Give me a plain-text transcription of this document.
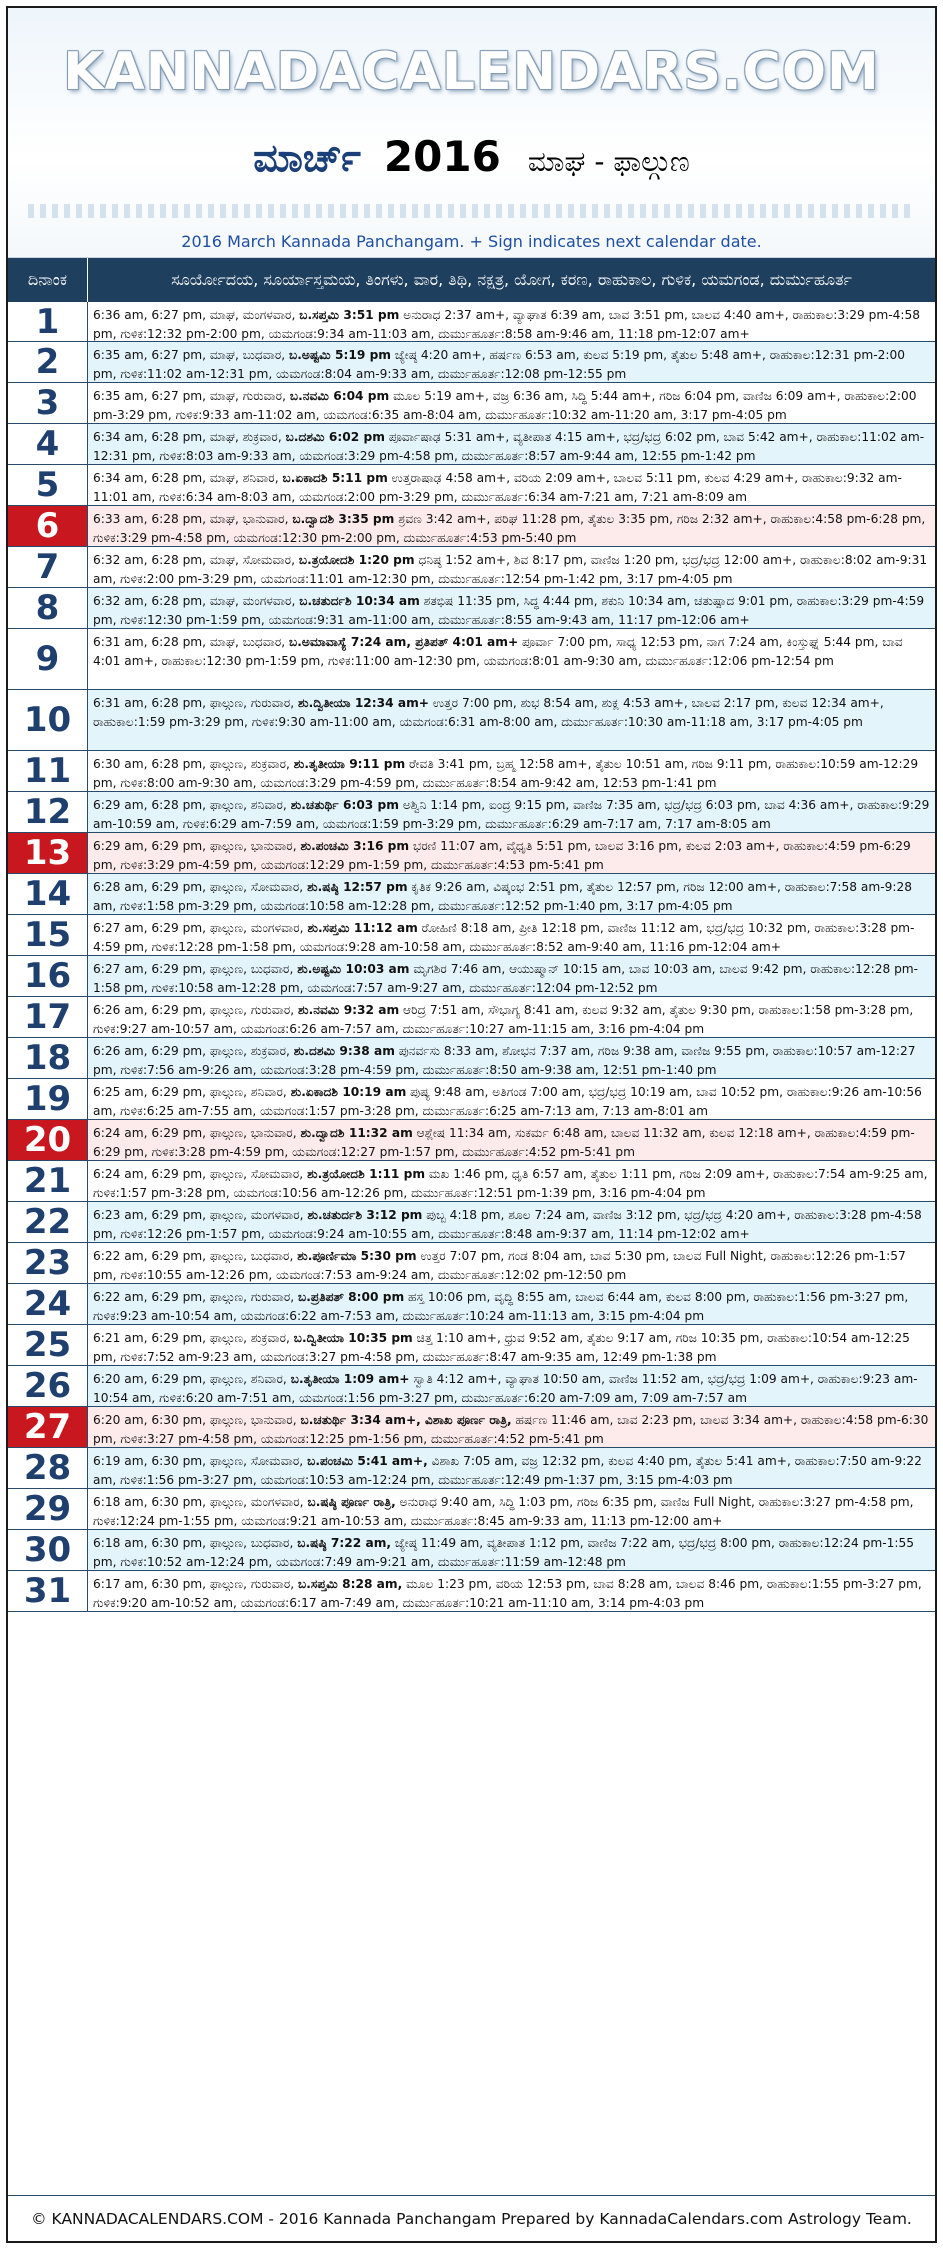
KANNADACALENDARS.COM
ಮಾರ್ಚ್ 2016 ಮಾಘ - ಫಾಲ್ಗುಣ
2016 March Kannada Panchangam. + Sign indicates next calendar date.
ದಿನಾಂಕ	ಸೂರ್ಯೋದಯ, ಸೂರ್ಯಾಸ್ತಮಯ, ತಿಂಗಳು, ವಾರ, ತಿಥಿ, ನಕ್ಷತ್ರ, ಯೋಗ, ಕರಣ, ರಾಹುಕಾಲ, ಗುಳಿಕ, ಯಮಗಂಡ, ದುರ್ಮುಹೂರ್ತ
1	6:36 am, 6:27 pm, ಮಾಘ, ಮಂಗಳವಾರ, ಬ.ಸಪ್ತಮಿ 3:51 pm ಅನುರಾಧ 2:37 am+, ವ್ಯಾಘಾತ 6:39 am, ಬಾವ 3:51 pm, ಬಾಲವ 4:40 am+, ರಾಹುಕಾಲ:3:29 pm-4:58 pm, ಗುಳಿಕ:12:32 pm-2:00 pm, ಯಮಗಂಡ:9:34 am-11:03 am, ದುರ್ಮುಹೂರ್ತ:8:58 am-9:46 am, 11:18 pm-12:07 am+
2	6:35 am, 6:27 pm, ಮಾಘ, ಬುಧವಾರ, ಬ.ಅಷ್ಟಮಿ 5:19 pm ಜ್ಯೇಷ್ಠ 4:20 am+, ಹರ್ಷಣ 6:53 am, ಕುಲವ 5:19 pm, ತೈತುಲ 5:48 am+, ರಾಹುಕಾಲ:12:31 pm-2:00 pm, ಗುಳಿಕ:11:02 am-12:31 pm, ಯಮಗಂಡ:8:04 am-9:33 am, ದುರ್ಮುಹೂರ್ತ:12:08 pm-12:55 pm
3	6:35 am, 6:27 pm, ಮಾಘ, ಗುರುವಾರ, ಬ.ನವಮಿ 6:04 pm ಮೂಲ 5:19 am+, ವಜ್ರ 6:36 am, ಸಿದ್ಧಿ 5:44 am+, ಗರಿಜ 6:04 pm, ವಾಣಿಜ 6:09 am+, ರಾಹುಕಾಲ:2:00 pm-3:29 pm, ಗುಳಿಕ:9:33 am-11:02 am, ಯಮಗಂಡ:6:35 am-8:04 am, ದುರ್ಮುಹೂರ್ತ:10:32 am-11:20 am, 3:17 pm-4:05 pm
4	6:34 am, 6:28 pm, ಮಾಘ, ಶುಕ್ರವಾರ, ಬ.ದಶಮಿ 6:02 pm ಪೂರ್ವಾಷಾಢ 5:31 am+, ವ್ಯತೀಪಾತ 4:15 am+, ಭದ್ರ/ಭದ್ರ 6:02 pm, ಬಾವ 5:42 am+, ರಾಹುಕಾಲ:11:02 am-12:31 pm, ಗುಳಿಕ:8:03 am-9:33 am, ಯಮಗಂಡ:3:29 pm-4:58 pm, ದುರ್ಮುಹೂರ್ತ:8:57 am-9:44 am, 12:55 pm-1:42 pm
5	6:34 am, 6:28 pm, ಮಾಘ, ಶನಿವಾರ, ಬ.ಏಕಾದಶಿ 5:11 pm ಉತ್ತರಾಷಾಢ 4:58 am+, ವರಿಯ 2:09 am+, ಬಾಲವ 5:11 pm, ಕುಲವ 4:29 am+, ರಾಹುಕಾಲ:9:32 am-11:01 am, ಗುಳಿಕ:6:34 am-8:03 am, ಯಮಗಂಡ:2:00 pm-3:29 pm, ದುರ್ಮುಹೂರ್ತ:6:34 am-7:21 am, 7:21 am-8:09 am
6	6:33 am, 6:28 pm, ಮಾಘ, ಭಾನುವಾರ, ಬ.ದ್ವಾದಶಿ 3:35 pm ಶ್ರವಣ 3:42 am+, ಪರಿಘ 11:28 pm, ತೈತುಲ 3:35 pm, ಗರಿಜ 2:32 am+, ರಾಹುಕಾಲ:4:58 pm-6:28 pm, ಗುಳಿಕ:3:29 pm-4:58 pm, ಯಮಗಂಡ:12:30 pm-2:00 pm, ದುರ್ಮುಹೂರ್ತ:4:53 pm-5:40 pm
7	6:32 am, 6:28 pm, ಮಾಘ, ಸೋಮವಾರ, ಬ.ತ್ರಯೋದಶಿ 1:20 pm ಧನಿಷ್ಠ 1:52 am+, ಶಿವ 8:17 pm, ವಾಣಿಜ 1:20 pm, ಭದ್ರ/ಭದ್ರ 12:00 am+, ರಾಹುಕಾಲ:8:02 am-9:31 am, ಗುಳಿಕ:2:00 pm-3:29 pm, ಯಮಗಂಡ:11:01 am-12:30 pm, ದುರ್ಮುಹೂರ್ತ:12:54 pm-1:42 pm, 3:17 pm-4:05 pm
8	6:32 am, 6:28 pm, ಮಾಘ, ಮಂಗಳವಾರ, ಬ.ಚತುರ್ದಶಿ 10:34 am ಶತಭಿಷ 11:35 pm, ಸಿದ್ಧ 4:44 pm, ಶಕುನಿ 10:34 am, ಚತುಷ್ಪಾದ 9:01 pm, ರಾಹುಕಾಲ:3:29 pm-4:59 pm, ಗುಳಿಕ:12:30 pm-1:59 pm, ಯಮಗಂಡ:9:31 am-11:00 am, ದುರ್ಮುಹೂರ್ತ:8:55 am-9:43 am, 11:17 pm-12:06 am+
9	6:31 am, 6:28 pm, ಮಾಘ, ಬುಧವಾರ, ಬ.ಅಮಾವಾಸ್ಯೆ 7:24 am, ಪ್ರತಿಪತ್ 4:01 am+ ಪೂರ್ವಾ 7:00 pm, ಸಾಧ್ಯ 12:53 pm, ನಾಗ 7:24 am, ಕಿಂಸ್ತುಘ್ನ 5:44 pm, ಬಾವ 4:01 am+, ರಾಹುಕಾಲ:12:30 pm-1:59 pm, ಗುಳಿಕ:11:00 am-12:30 pm, ಯಮಗಂಡ:8:01 am-9:30 am, ದುರ್ಮುಹೂರ್ತ:12:06 pm-12:54 pm
10	6:31 am, 6:28 pm, ಫಾಲ್ಗುಣ, ಗುರುವಾರ, ಶು.ದ್ವಿತೀಯಾ 12:34 am+ ಉತ್ತರ 7:00 pm, ಶುಭ 8:54 am, ಶುಕ್ಲ 4:53 am+, ಬಾಲವ 2:17 pm, ಕುಲವ 12:34 am+, ರಾಹುಕಾಲ:1:59 pm-3:29 pm, ಗುಳಿಕ:9:30 am-11:00 am, ಯಮಗಂಡ:6:31 am-8:00 am, ದುರ್ಮುಹೂರ್ತ:10:30 am-11:18 am, 3:17 pm-4:05 pm
11	6:30 am, 6:28 pm, ಫಾಲ್ಗುಣ, ಶುಕ್ರವಾರ, ಶು.ತೃತೀಯಾ 9:11 pm ರೇವತಿ 3:41 pm, ಬ್ರಹ್ಮ 12:58 am+, ತೈತುಲ 10:51 am, ಗರಿಜ 9:11 pm, ರಾಹುಕಾಲ:10:59 am-12:29 pm, ಗುಳಿಕ:8:00 am-9:30 am, ಯಮಗಂಡ:3:29 pm-4:59 pm, ದುರ್ಮುಹೂರ್ತ:8:54 am-9:42 am, 12:53 pm-1:41 pm
12	6:29 am, 6:28 pm, ಫಾಲ್ಗುಣ, ಶನಿವಾರ, ಶು.ಚತುರ್ಥಿ 6:03 pm ಅಶ್ವಿನಿ 1:14 pm, ಐಂದ್ರ 9:15 pm, ವಾಣಿಜ 7:35 am, ಭದ್ರ/ಭದ್ರ 6:03 pm, ಬಾವ 4:36 am+, ರಾಹುಕಾಲ:9:29 am-10:59 am, ಗುಳಿಕ:6:29 am-7:59 am, ಯಮಗಂಡ:1:59 pm-3:29 pm, ದುರ್ಮುಹೂರ್ತ:6:29 am-7:17 am, 7:17 am-8:05 am
13	6:29 am, 6:29 pm, ಫಾಲ್ಗುಣ, ಭಾನುವಾರ, ಶು.ಪಂಚಮಿ 3:16 pm ಭರಣಿ 11:07 am, ವೈಧೃತಿ 5:51 pm, ಬಾಲವ 3:16 pm, ಕುಲವ 2:03 am+, ರಾಹುಕಾಲ:4:59 pm-6:29 pm, ಗುಳಿಕ:3:29 pm-4:59 pm, ಯಮಗಂಡ:12:29 pm-1:59 pm, ದುರ್ಮುಹೂರ್ತ:4:53 pm-5:41 pm
14	6:28 am, 6:29 pm, ಫಾಲ್ಗುಣ, ಸೋಮವಾರ, ಶು.ಷಷ್ಠಿ 12:57 pm ಕೃತಿಕ 9:26 am, ವಿಷ್ಕಂಭ 2:51 pm, ತೈತುಲ 12:57 pm, ಗರಿಜ 12:00 am+, ರಾಹುಕಾಲ:7:58 am-9:28 am, ಗುಳಿಕ:1:58 pm-3:29 pm, ಯಮಗಂಡ:10:58 am-12:28 pm, ದುರ್ಮುಹೂರ್ತ:12:52 pm-1:40 pm, 3:17 pm-4:05 pm
15	6:27 am, 6:29 pm, ಫಾಲ್ಗುಣ, ಮಂಗಳವಾರ, ಶು.ಸಪ್ತಮಿ 11:12 am ರೋಹಿಣಿ 8:18 am, ಪ್ರೀತಿ 12:18 pm, ವಾಣಿಜ 11:12 am, ಭದ್ರ/ಭದ್ರ 10:32 pm, ರಾಹುಕಾಲ:3:28 pm-4:59 pm, ಗುಳಿಕ:12:28 pm-1:58 pm, ಯಮಗಂಡ:9:28 am-10:58 am, ದುರ್ಮುಹೂರ್ತ:8:52 am-9:40 am, 11:16 pm-12:04 am+
16	6:27 am, 6:29 pm, ಫಾಲ್ಗುಣ, ಬುಧವಾರ, ಶು.ಅಷ್ಟಮಿ 10:03 am ಮೃಗಶಿರ 7:46 am, ಆಯುಷ್ಮಾನ್ 10:15 am, ಬಾವ 10:03 am, ಬಾಲವ 9:42 pm, ರಾಹುಕಾಲ:12:28 pm-1:58 pm, ಗುಳಿಕ:10:58 am-12:28 pm, ಯಮಗಂಡ:7:57 am-9:27 am, ದುರ್ಮುಹೂರ್ತ:12:04 pm-12:52 pm
17	6:26 am, 6:29 pm, ಫಾಲ್ಗುಣ, ಗುರುವಾರ, ಶು.ನವಮಿ 9:32 am ಆರಿದ್ರ 7:51 am, ಸೌಭಾಗ್ಯ 8:41 am, ಕುಲವ 9:32 am, ತೈತುಲ 9:30 pm, ರಾಹುಕಾಲ:1:58 pm-3:28 pm, ಗುಳಿಕ:9:27 am-10:57 am, ಯಮಗಂಡ:6:26 am-7:57 am, ದುರ್ಮುಹೂರ್ತ:10:27 am-11:15 am, 3:16 pm-4:04 pm
18	6:26 am, 6:29 pm, ಫಾಲ್ಗುಣ, ಶುಕ್ರವಾರ, ಶು.ದಶಮಿ 9:38 am ಪುನರ್ವಸು 8:33 am, ಶೋಭನ 7:37 am, ಗರಿಜ 9:38 am, ವಾಣಿಜ 9:55 pm, ರಾಹುಕಾಲ:10:57 am-12:27 pm, ಗುಳಿಕ:7:56 am-9:26 am, ಯಮಗಂಡ:3:28 pm-4:59 pm, ದುರ್ಮುಹೂರ್ತ:8:50 am-9:38 am, 12:51 pm-1:40 pm
19	6:25 am, 6:29 pm, ಫಾಲ್ಗುಣ, ಶನಿವಾರ, ಶು.ಏಕಾದಶಿ 10:19 am ಪುಷ್ಯ 9:48 am, ಅತಿಗಂಡ 7:00 am, ಭದ್ರ/ಭದ್ರ 10:19 am, ಬಾವ 10:52 pm, ರಾಹುಕಾಲ:9:26 am-10:56 am, ಗುಳಿಕ:6:25 am-7:55 am, ಯಮಗಂಡ:1:57 pm-3:28 pm, ದುರ್ಮುಹೂರ್ತ:6:25 am-7:13 am, 7:13 am-8:01 am
20	6:24 am, 6:29 pm, ಫಾಲ್ಗುಣ, ಭಾನುವಾರ, ಶು.ದ್ವಾದಶಿ 11:32 am ಆಶ್ಲೇಷ 11:34 am, ಸುಕರ್ಮ 6:48 am, ಬಾಲವ 11:32 am, ಕುಲವ 12:18 am+, ರಾಹುಕಾಲ:4:59 pm-6:29 pm, ಗುಳಿಕ:3:28 pm-4:59 pm, ಯಮಗಂಡ:12:27 pm-1:57 pm, ದುರ್ಮುಹೂರ್ತ:4:52 pm-5:41 pm
21	6:24 am, 6:29 pm, ಫಾಲ್ಗುಣ, ಸೋಮವಾರ, ಶು.ತ್ರಯೋದಶಿ 1:11 pm ಮಖ 1:46 pm, ಧೃತಿ 6:57 am, ತೈತುಲ 1:11 pm, ಗರಿಜ 2:09 am+, ರಾಹುಕಾಲ:7:54 am-9:25 am, ಗುಳಿಕ:1:57 pm-3:28 pm, ಯಮಗಂಡ:10:56 am-12:26 pm, ದುರ್ಮುಹೂರ್ತ:12:51 pm-1:39 pm, 3:16 pm-4:04 pm
22	6:23 am, 6:29 pm, ಫಾಲ್ಗುಣ, ಮಂಗಳವಾರ, ಶು.ಚತುರ್ದಶಿ 3:12 pm ಪುಬ್ಬ 4:18 pm, ಶೂಲ 7:24 am, ವಾಣಿಜ 3:12 pm, ಭದ್ರ/ಭದ್ರ 4:20 am+, ರಾಹುಕಾಲ:3:28 pm-4:58 pm, ಗುಳಿಕ:12:26 pm-1:57 pm, ಯಮಗಂಡ:9:24 am-10:55 am, ದುರ್ಮುಹೂರ್ತ:8:48 am-9:37 am, 11:14 pm-12:02 am+
23	6:22 am, 6:29 pm, ಫಾಲ್ಗುಣ, ಬುಧವಾರ, ಶು.ಪೂರ್ಣಿಮಾ 5:30 pm ಉತ್ತರ 7:07 pm, ಗಂಡ 8:04 am, ಬಾವ 5:30 pm, ಬಾಲವ Full Night, ರಾಹುಕಾಲ:12:26 pm-1:57 pm, ಗುಳಿಕ:10:55 am-12:26 pm, ಯಮಗಂಡ:7:53 am-9:24 am, ದುರ್ಮುಹೂರ್ತ:12:02 pm-12:50 pm
24	6:22 am, 6:29 pm, ಫಾಲ್ಗುಣ, ಗುರುವಾರ, ಬ.ಪ್ರತಿಪತ್ 8:00 pm ಹಸ್ತ 10:06 pm, ವೃದ್ಧಿ 8:55 am, ಬಾಲವ 6:44 am, ಕುಲವ 8:00 pm, ರಾಹುಕಾಲ:1:56 pm-3:27 pm, ಗುಳಿಕ:9:23 am-10:54 am, ಯಮಗಂಡ:6:22 am-7:53 am, ದುರ್ಮುಹೂರ್ತ:10:24 am-11:13 am, 3:15 pm-4:04 pm
25	6:21 am, 6:29 pm, ಫಾಲ್ಗುಣ, ಶುಕ್ರವಾರ, ಬ.ದ್ವಿತೀಯಾ 10:35 pm ಚಿತ್ತ 1:10 am+, ಧ್ರುವ 9:52 am, ತೈತುಲ 9:17 am, ಗರಿಜ 10:35 pm, ರಾಹುಕಾಲ:10:54 am-12:25 pm, ಗುಳಿಕ:7:52 am-9:23 am, ಯಮಗಂಡ:3:27 pm-4:58 pm, ದುರ್ಮುಹೂರ್ತ:8:47 am-9:35 am, 12:49 pm-1:38 pm
26	6:20 am, 6:29 pm, ಫಾಲ್ಗುಣ, ಶನಿವಾರ, ಬ.ತೃತೀಯಾ 1:09 am+ ಸ್ವಾತಿ 4:12 am+, ವ್ಯಾಘಾತ 10:50 am, ವಾಣಿಜ 11:52 am, ಭದ್ರ/ಭದ್ರ 1:09 am+, ರಾಹುಕಾಲ:9:23 am-10:54 am, ಗುಳಿಕ:6:20 am-7:51 am, ಯಮಗಂಡ:1:56 pm-3:27 pm, ದುರ್ಮುಹೂರ್ತ:6:20 am-7:09 am, 7:09 am-7:57 am
27	6:20 am, 6:30 pm, ಫಾಲ್ಗುಣ, ಭಾನುವಾರ, ಬ.ಚತುರ್ಥಿ 3:34 am+, ವಿಶಾಖ ಪೂರ್ಣ ರಾತ್ರಿ, ಹರ್ಷಣ 11:46 am, ಬಾವ 2:23 pm, ಬಾಲವ 3:34 am+, ರಾಹುಕಾಲ:4:58 pm-6:30 pm, ಗುಳಿಕ:3:27 pm-4:58 pm, ಯಮಗಂಡ:12:25 pm-1:56 pm, ದುರ್ಮುಹೂರ್ತ:4:52 pm-5:41 pm
28	6:19 am, 6:30 pm, ಫಾಲ್ಗುಣ, ಸೋಮವಾರ, ಬ.ಪಂಚಮಿ 5:41 am+, ವಿಶಾಖ 7:05 am, ವಜ್ರ 12:32 pm, ಕುಲವ 4:40 pm, ತೈತುಲ 5:41 am+, ರಾಹುಕಾಲ:7:50 am-9:22 am, ಗುಳಿಕ:1:56 pm-3:27 pm, ಯಮಗಂಡ:10:53 am-12:24 pm, ದುರ್ಮುಹೂರ್ತ:12:49 pm-1:37 pm, 3:15 pm-4:03 pm
29	6:18 am, 6:30 pm, ಫಾಲ್ಗುಣ, ಮಂಗಳವಾರ, ಬ.ಷಷ್ಠಿ ಪೂರ್ಣ ರಾತ್ರಿ, ಅನುರಾಧ 9:40 am, ಸಿದ್ಧಿ 1:03 pm, ಗರಿಜ 6:35 pm, ವಾಣಿಜ Full Night, ರಾಹುಕಾಲ:3:27 pm-4:58 pm, ಗುಳಿಕ:12:24 pm-1:55 pm, ಯಮಗಂಡ:9:21 am-10:53 am, ದುರ್ಮುಹೂರ್ತ:8:45 am-9:33 am, 11:13 pm-12:00 am+
30	6:18 am, 6:30 pm, ಫಾಲ್ಗುಣ, ಬುಧವಾರ, ಬ.ಷಷ್ಠಿ 7:22 am, ಜ್ಯೇಷ್ಠ 11:49 am, ವ್ಯತೀಪಾತ 1:12 pm, ವಾಣಿಜ 7:22 am, ಭದ್ರ/ಭದ್ರ 8:00 pm, ರಾಹುಕಾಲ:12:24 pm-1:55 pm, ಗುಳಿಕ:10:52 am-12:24 pm, ಯಮಗಂಡ:7:49 am-9:21 am, ದುರ್ಮುಹೂರ್ತ:11:59 am-12:48 pm
31	6:17 am, 6:30 pm, ಫಾಲ್ಗುಣ, ಗುರುವಾರ, ಬ.ಸಪ್ತಮಿ 8:28 am, ಮೂಲ 1:23 pm, ವರಿಯ 12:53 pm, ಬಾವ 8:28 am, ಬಾಲವ 8:46 pm, ರಾಹುಕಾಲ:1:55 pm-3:27 pm, ಗುಳಿಕ:9:20 am-10:52 am, ಯಮಗಂಡ:6:17 am-7:49 am, ದುರ್ಮುಹೂರ್ತ:10:21 am-11:10 am, 3:14 pm-4:03 pm
© KANNADACALENDARS.COM - 2016 Kannada Panchangam Prepared by KannadaCalendars.com Astrology Team.
